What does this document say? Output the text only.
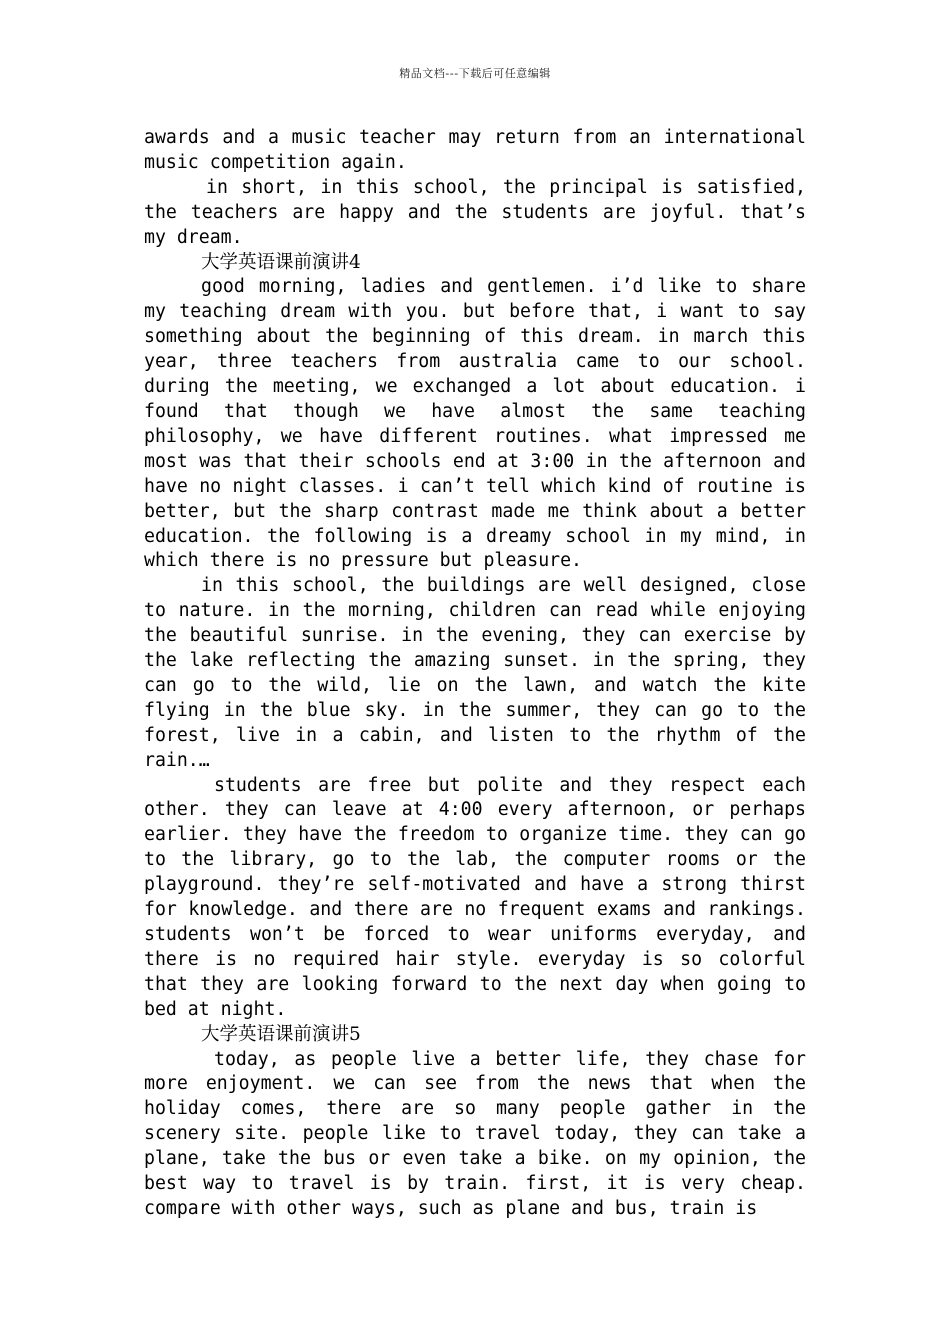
精品文档---下载后可任意编辑

awards and a music teacher may return from an international music competition again.

in short, in this school, the principal is satisfied, the teachers are happy and the students are joyful. that’s my dream.

大学英语课前演讲4

good morning, ladies and gentlemen. i’d like to share my teaching dream with you. but before that, i want to say something about the beginning of this dream. in march this year, three teachers from australia came to our school. during the meeting, we exchanged a lot about education. i found that though we have almost the same teaching philosophy, we have different routines. what impressed me most was that their schools end at 3:00 in the afternoon and have no night classes. i can’t tell which kind of routine is better, but the sharp contrast made me think about a better education. the following is a dreamy school in my mind, in which there is no pressure but pleasure.

in this school, the buildings are well designed, close to nature. in the morning, children can read while enjoying the beautiful sunrise. in the evening, they can exercise by the lake reflecting the amazing sunset. in the spring, they can go to the wild, lie on the lawn, and watch the kite flying in the blue sky. in the summer, they can go to the forest, live in a cabin, and listen to the rhythm of the rain.…

students are free but polite and they respect each other. they can leave at 4:00 every afternoon, or perhaps earlier. they have the freedom to organize time. they can go to the library, go to the lab, the computer rooms or the playground. they’re self-motivated and have a strong thirst for knowledge. and there are no frequent exams and rankings. students won’t be forced to wear uniforms everyday, and there is no required hair style. everyday is so colorful that they are looking forward to the next day when going to bed at night.

大学英语课前演讲5

today, as people live a better life, they chase for more enjoyment. we can see from the news that when the holiday comes, there are so many people gather in the scenery site. people like to travel today, they can take a plane, take the bus or even take a bike. on my opinion, the best way to travel is by train. first, it is very cheap. compare with other ways, such as plane and bus, train is
